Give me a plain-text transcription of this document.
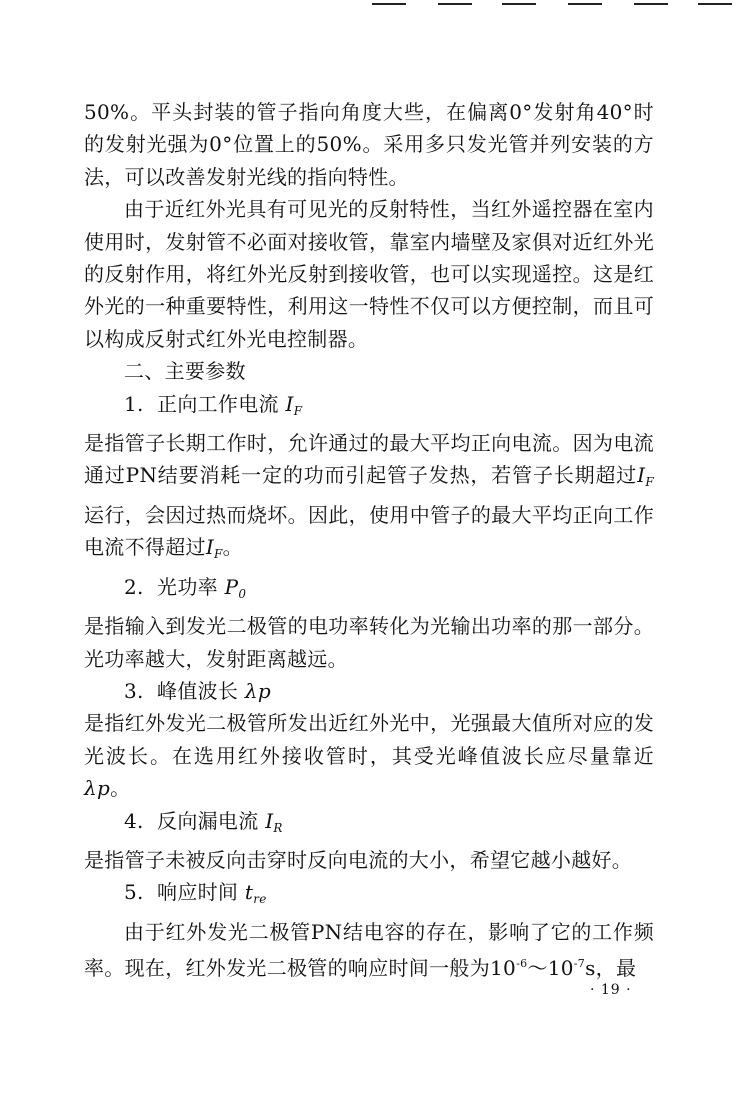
50%。平头封装的管子指向角度大些，在偏离0°发射角40°时的发射光强为0°位置上的50%。采用多只发光管并列安装的方法，可以改善发射光线的指向特性。

由于近红外光具有可见光的反射特性，当红外遥控器在室内使用时，发射管不必面对接收管，靠室内墙壁及家俱对近红外光的反射作用，将红外光反射到接收管，也可以实现遥控。这是红外光的一种重要特性，利用这一特性不仅可以方便控制，而且可以构成反射式红外光电控制器。

二、主要参数

1. 正向工作电流 $I_F$

是指管子长期工作时，允许通过的最大平均正向电流。因为电流通过PN结要消耗一定的功而引起管子发热，若管子长期超过$I_F$运行，会因过热而烧坏。因此，使用中管子的最大平均正向工作电流不得超过$I_F$。

2. 光功率 $P_0$

是指输入到发光二极管的电功率转化为光输出功率的那一部分。光功率越大，发射距离越远。

3. 峰值波长 λp

是指红外发光二极管所发出近红外光中，光强最大值所对应的发光波长。在选用红外接收管时，其受光峰值波长应尽量靠近λp。

4. 反向漏电流 $I_R$

是指管子未被反向击穿时反向电流的大小，希望它越小越好。

5. 响应时间 $t_{re}$

由于红外发光二极管PN结电容的存在，影响了它的工作频率。现在，红外发光二极管的响应时间一般为$10^{-6}\sim 10^{-7}s$，最

· 19 ·
